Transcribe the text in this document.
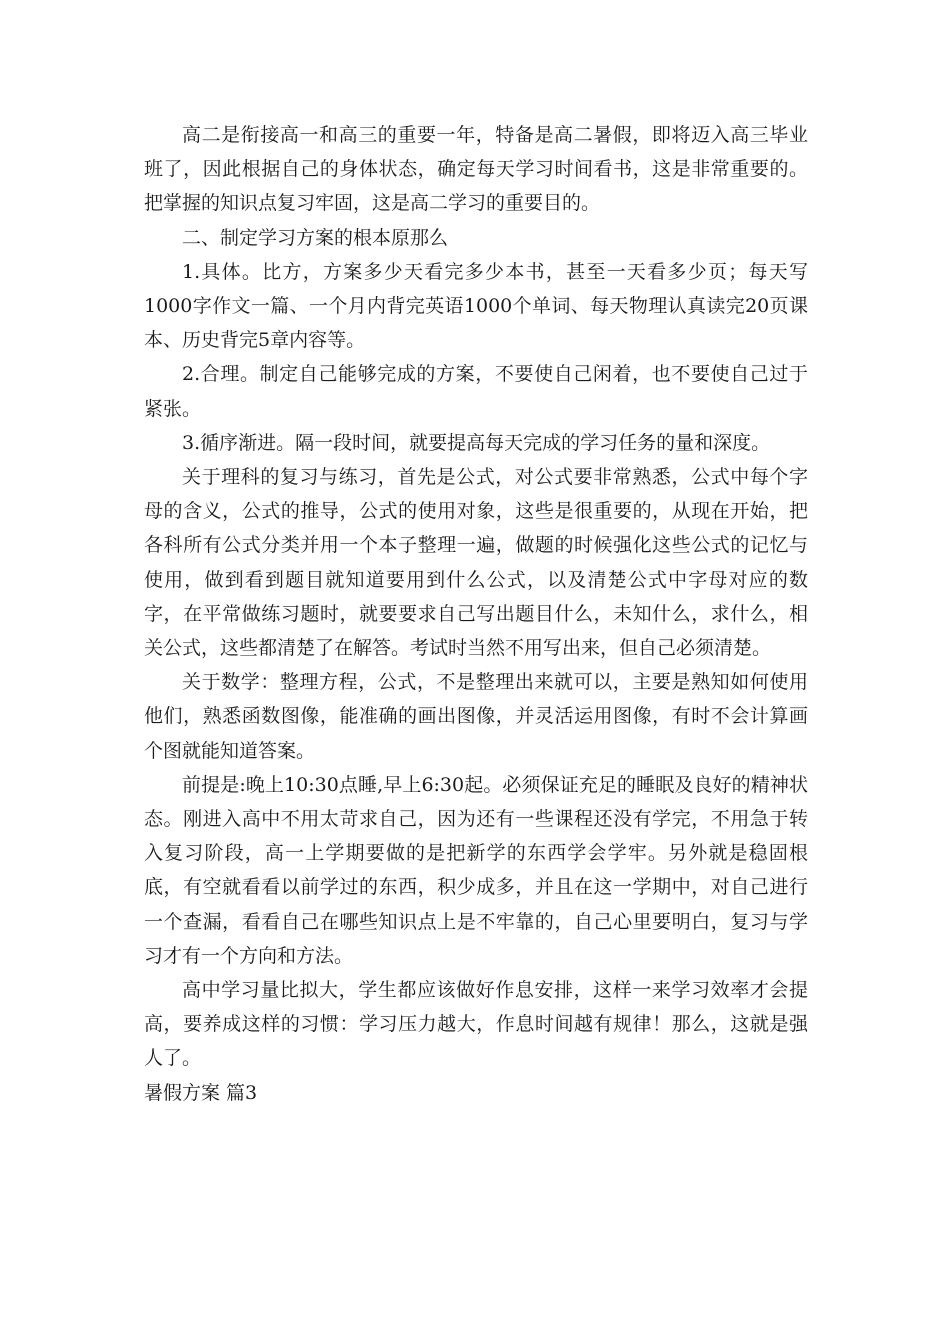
高二是衔接高一和高三的重要一年，特备是高二暑假，即将迈入高三毕业班了，因此根据自己的身体状态，确定每天学习时间看书，这是非常重要的。把掌握的知识点复习牢固，这是高二学习的重要目的。

二、制定学习方案的根本原那么

1.具体。比方，方案多少天看完多少本书，甚至一天看多少页；每天写1000字作文一篇、一个月内背完英语1000个单词、每天物理认真读完20页课本、历史背完5章内容等。

2.合理。制定自己能够完成的方案，不要使自己闲着，也不要使自己过于紧张。

3.循序渐进。隔一段时间，就要提高每天完成的学习任务的量和深度。

关于理科的复习与练习，首先是公式，对公式要非常熟悉，公式中每个字母的含义，公式的推导，公式的使用对象，这些是很重要的，从现在开始，把各科所有公式分类并用一个本子整理一遍，做题的时候强化这些公式的记忆与使用，做到看到题目就知道要用到什么公式，以及清楚公式中字母对应的数字，在平常做练习题时，就要要求自己写出题目什么，未知什么，求什么，相关公式，这些都清楚了在解答。考试时当然不用写出来，但自己必须清楚。

关于数学：整理方程，公式，不是整理出来就可以，主要是熟知如何使用他们，熟悉函数图像，能准确的画出图像，并灵活运用图像，有时不会计算画个图就能知道答案。

前提是:晚上10:30点睡,早上6:30起。必须保证充足的睡眠及良好的精神状态。刚进入高中不用太苛求自己，因为还有一些课程还没有学完，不用急于转入复习阶段，高一上学期要做的是把新学的东西学会学牢。另外就是稳固根底，有空就看看以前学过的东西，积少成多，并且在这一学期中，对自己进行一个查漏，看看自己在哪些知识点上是不牢靠的，自己心里要明白，复习与学习才有一个方向和方法。

高中学习量比拟大，学生都应该做好作息安排，这样一来学习效率才会提高，要养成这样的习惯：学习压力越大，作息时间越有规律！那么，这就是强人了。

暑假方案 篇3
